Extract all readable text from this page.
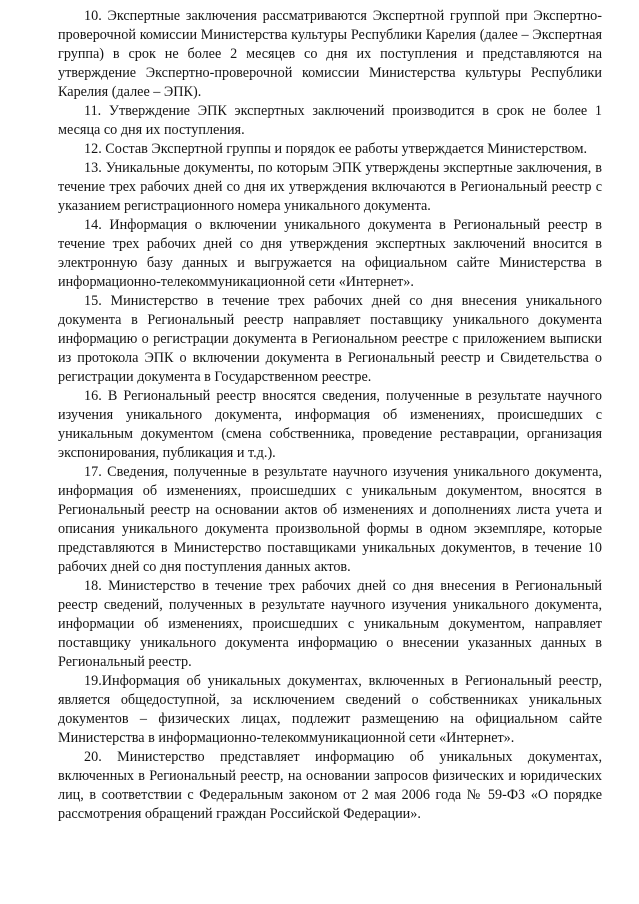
10. Экспертные заключения рассматриваются Экспертной группой при Экспертно-проверочной комиссии Министерства культуры Республики Карелия (далее – Экспертная группа) в срок не более 2 месяцев со дня их поступления и представляются на утверждение Экспертно-проверочной комиссии Министерства культуры Республики Карелия (далее – ЭПК).

11. Утверждение ЭПК экспертных заключений производится в срок не более 1 месяца со дня их поступления.

12. Состав Экспертной группы и порядок ее работы утверждается Министерством.

13. Уникальные документы, по которым ЭПК утверждены экспертные заключения, в течение трех рабочих дней со дня их утверждения включаются в Региональный реестр с указанием регистрационного номера уникального документа.

14. Информация о включении уникального документа в Региональный реестр в течение трех рабочих дней со дня утверждения экспертных заключений вносится в электронную базу данных и выгружается на официальном сайте Министерства в информационно-телекоммуникационной сети «Интернет».

15. Министерство в течение трех рабочих дней со дня внесения уникального документа в Региональный реестр направляет поставщику уникального документа информацию о регистрации документа в Региональном реестре с приложением выписки из протокола ЭПК о включении документа в Региональный реестр и Свидетельства о регистрации документа в Государственном реестре.

16. В Региональный реестр вносятся сведения, полученные в результате научного изучения уникального документа, информация об изменениях, происшедших с уникальным документом (смена собственника, проведение реставрации, организация экспонирования, публикация и т.д.).

17. Сведения, полученные в результате научного изучения уникального документа, информация об изменениях, происшедших с уникальным документом, вносятся в Региональный реестр на основании актов об изменениях и дополнениях листа учета и описания уникального документа произвольной формы в одном экземпляре, которые представляются в Министерство поставщиками уникальных документов, в течение 10 рабочих дней со дня поступления данных актов.

18. Министерство в течение трех рабочих дней со дня внесения в Региональный реестр сведений, полученных в результате научного изучения уникального документа, информации об изменениях, происшедших с уникальным документом, направляет поставщику уникального документа информацию о внесении указанных данных в Региональный реестр.

19.Информация об уникальных документах, включенных в Региональный реестр, является общедоступной, за исключением сведений о собственниках уникальных документов – физических лицах, подлежит размещению на официальном сайте Министерства в информационно-телекоммуникационной сети «Интернет».

20. Министерство представляет информацию об уникальных документах, включенных в Региональный реестр, на основании запросов физических и юридических лиц, в соответствии с Федеральным законом от 2 мая 2006 года № 59-ФЗ «О порядке рассмотрения обращений граждан Российской Федерации».
